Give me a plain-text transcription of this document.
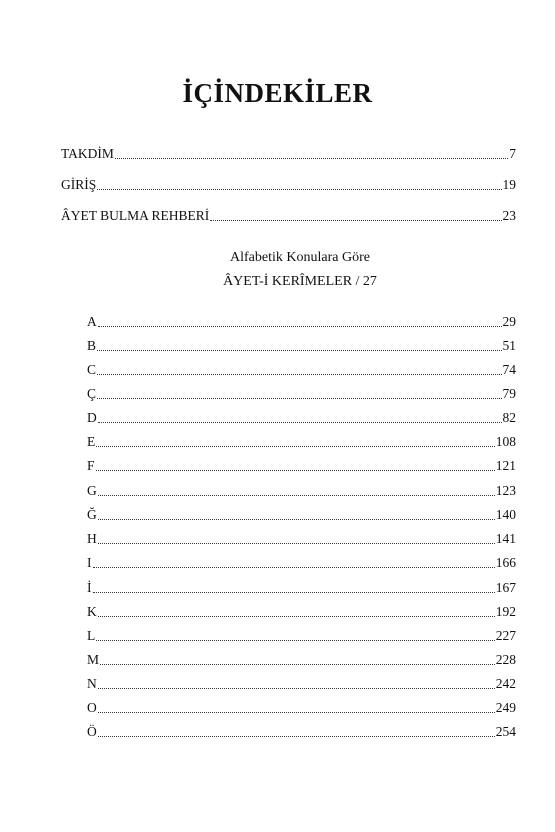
İÇİNDEKİLER
TAKDİM	7
GİRİŞ	19
ÂYET BULMA REHBERİ	23
Alfabetik Konulara Göre
ÂYET-İ KERÎMELER / 27
A	29
B	51
C	74
Ç	79
D	82
E	108
F	121
G	123
Ğ	140
H	141
I	166
İ	167
K	192
L	227
M	228
N	242
O	249
Ö	254
